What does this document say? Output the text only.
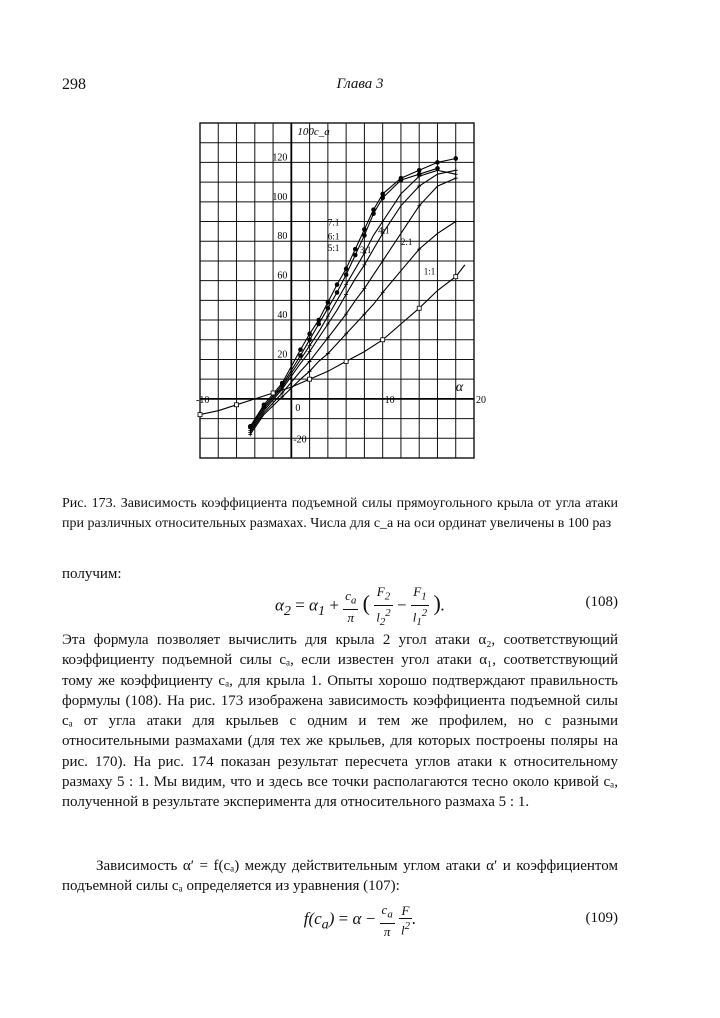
298	Глава 3
-10
0
10	20
-20
20
40
60
80
100
120
100c_a
α
7:1
6:1
5:1
4:1
3:1
2:1
1:1
Рис. 173. Зависимость коэффициента подъемной силы прямоугольного крыла от угла атаки при различных относительных размахах. Числа для c_a на оси ординат увеличены в 100 раз
получим:
$\alpha_2 = \alpha_1 + \frac{c_a}{\pi}$ ( $\frac{F_2}{l_2^2} - \frac{F_1}{l_1^2}$ ).	(108)
Эта формула позволяет вычислить для крыла 2 угол атаки α₂, соответствующий коэффициенту подъемной силы cₐ, если известен угол атаки α₁, соответствующий тому же коэффициенту cₐ, для крыла 1. Опыты хорошо подтверждают правильность формулы (108). На рис. 173 изображена зависимость коэффициента подъемной силы cₐ от угла атаки для крыльев с одним и тем же профилем, но с разными относительными размахами (для тех же крыльев, для которых построены поляры на рис. 170). На рис. 174 показан результат пересчета углов атаки к относительному размаху 5 : 1. Мы видим, что и здесь все точки располагаются тесно около кривой cₐ, полученной в результате эксперимента для относительного размаха 5 : 1.
Зависимость α′ = f(cₐ) между действительным углом атаки α′ и коэффициентом подъемной силы cₐ определяется из уравнения (107):
$f(c_a) = \alpha - \frac{c_a}{\pi}$
$\frac{F}{l^2}$ .	(109)
